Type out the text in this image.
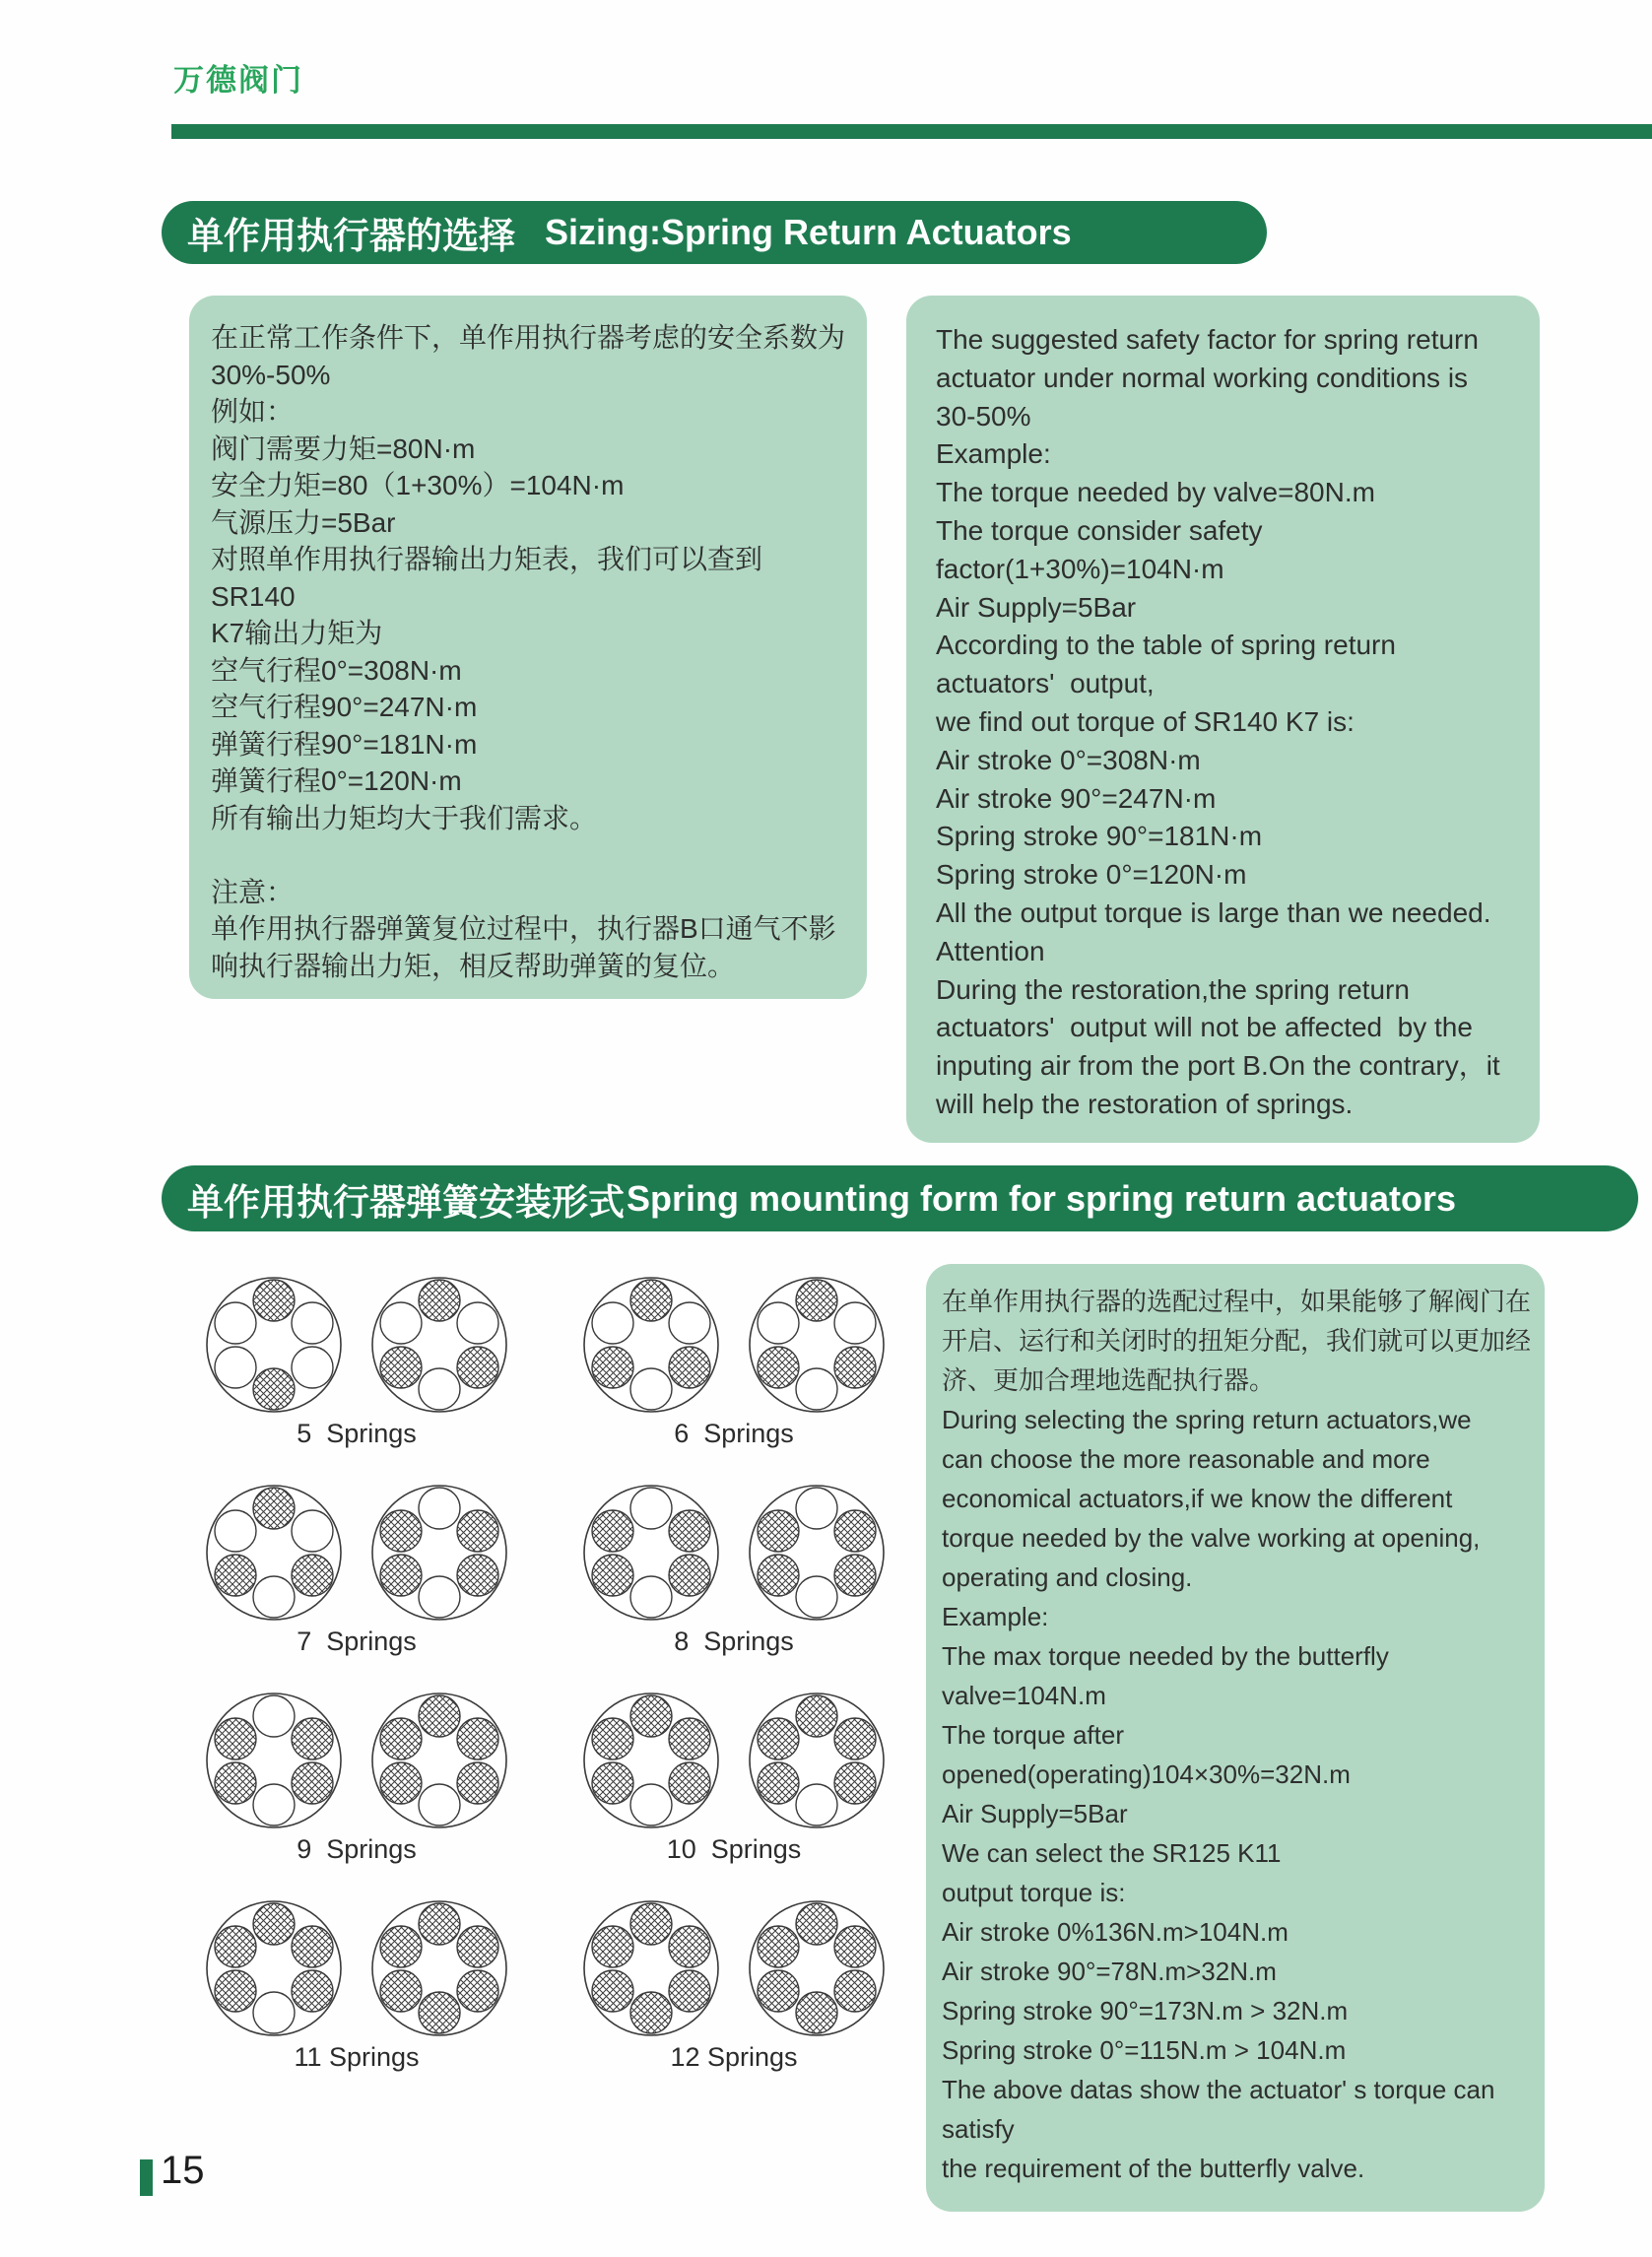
万德阀门
单作用执行器的选择 Sizing:Spring Return Actuators
在正常工作条件下，单作用执行器考虑的安全系数为
30%-50%
例如：
阀门需要力矩=80N·m
安全力矩=80（1+30%）=104N·m
气源压力=5Bar
对照单作用执行器输出力矩表，我们可以查到
SR140
K7输出力矩为
空气行程0°=308N·m
空气行程90°=247N·m
弹簧行程90°=181N·m
弹簧行程0°=120N·m
所有输出力矩均大于我们需求。

注意：
单作用执行器弹簧复位过程中，执行器B口通气不影
响执行器输出力矩，相反帮助弹簧的复位。
The suggested safety factor for spring return
actuator under normal working conditions is
30-50%
Example:
The torque needed by valve=80N.m
The torque consider safety
factor(1+30%)=104N·m
Air Supply=5Bar
According to the table of spring return
actuators'  output,
we find out torque of SR140 K7 is:
Air stroke 0°=308N·m
Air stroke 90°=247N·m
Spring stroke 90°=181N·m
Spring stroke 0°=120N·m
All the output torque is large than we needed.
Attention
During the restoration,the spring return
actuators'  output will not be affected  by the
inputing air from the port B.On the contrary，it
will help the restoration of springs.
单作用执行器弹簧安装形式 Spring mounting form for spring return actuators
5  Springs	6  Springs
7  Springs	8  Springs
9  Springs	10  Springs
11 Springs	12 Springs
在单作用执行器的选配过程中，如果能够了解阀门在
开启、运行和关闭时的扭矩分配，我们就可以更加经
济、更加合理地选配执行器。
During selecting the spring return actuators,we
can choose the more reasonable and more
economical actuators,if we know the different
torque needed by the valve working at opening,
operating and closing.
Example:
The max torque needed by the butterfly
valve=104N.m
The torque after
opened(operating)104×30%=32N.m
Air Supply=5Bar
We can select the SR125 K11
output torque is:
Air stroke 0%136N.m>104N.m
Air stroke 90°=78N.m>32N.m
Spring stroke 90°=173N.m > 32N.m
Spring stroke 0°=115N.m > 104N.m
The above datas show the actuator' s torque can
satisfy
the requirement of the butterfly valve.
15
